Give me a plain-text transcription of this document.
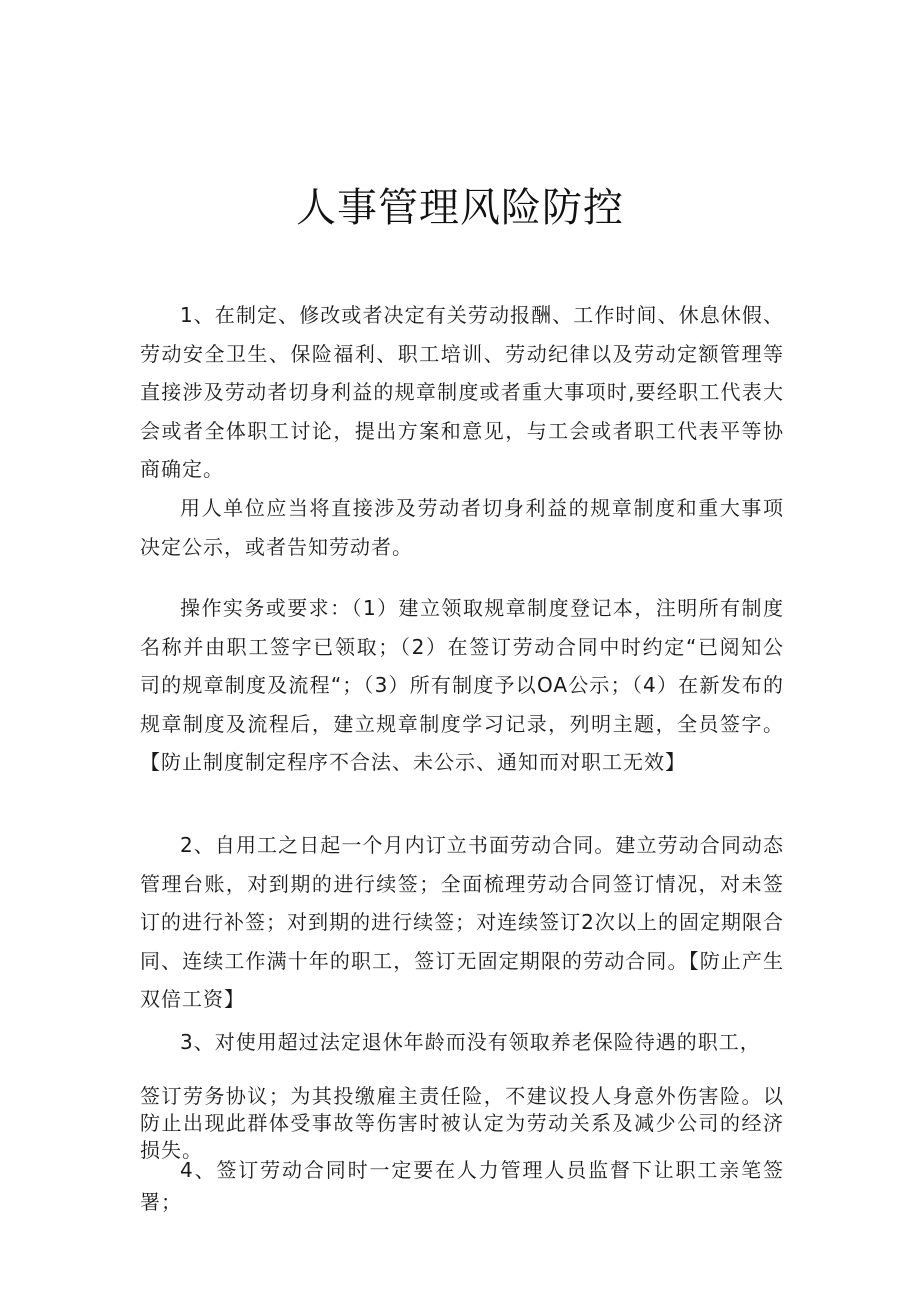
人事管理风险防控

1、在制定、修改或者决定有关劳动报酬、工作时间、休息休假、劳动安全卫生、保险福利、职工培训、劳动纪律以及劳动定额管理等直接涉及劳动者切身利益的规章制度或者重大事项时,要经职工代表大会或者全体职工讨论，提出方案和意见，与工会或者职工代表平等协商确定。

用人单位应当将直接涉及劳动者切身利益的规章制度和重大事项决定公示，或者告知劳动者。

操作实务或要求：（1）建立领取规章制度登记本，注明所有制度名称并由职工签字已领取；（2）在签订劳动合同中时约定“已阅知公司的规章制度及流程“；（3）所有制度予以OA公示；（4）在新发布的规章制度及流程后，建立规章制度学习记录，列明主题，全员签字。【防止制度制定程序不合法、未公示、通知而对职工无效】

2、自用工之日起一个月内订立书面劳动合同。建立劳动合同动态管理台账，对到期的进行续签；全面梳理劳动合同签订情况，对未签订的进行补签；对到期的进行续签；对连续签订2次以上的固定期限合同、连续工作满十年的职工，签订无固定期限的劳动合同。【防止产生双倍工资】

3、对使用超过法定退休年龄而没有领取养老保险待遇的职工，

签订劳务协议；为其投缴雇主责任险，不建议投人身意外伤害险。以防止出现此群体受事故等伤害时被认定为劳动关系及减少公司的经济损失。

4、签订劳动合同时一定要在人力管理人员监督下让职工亲笔签署；
